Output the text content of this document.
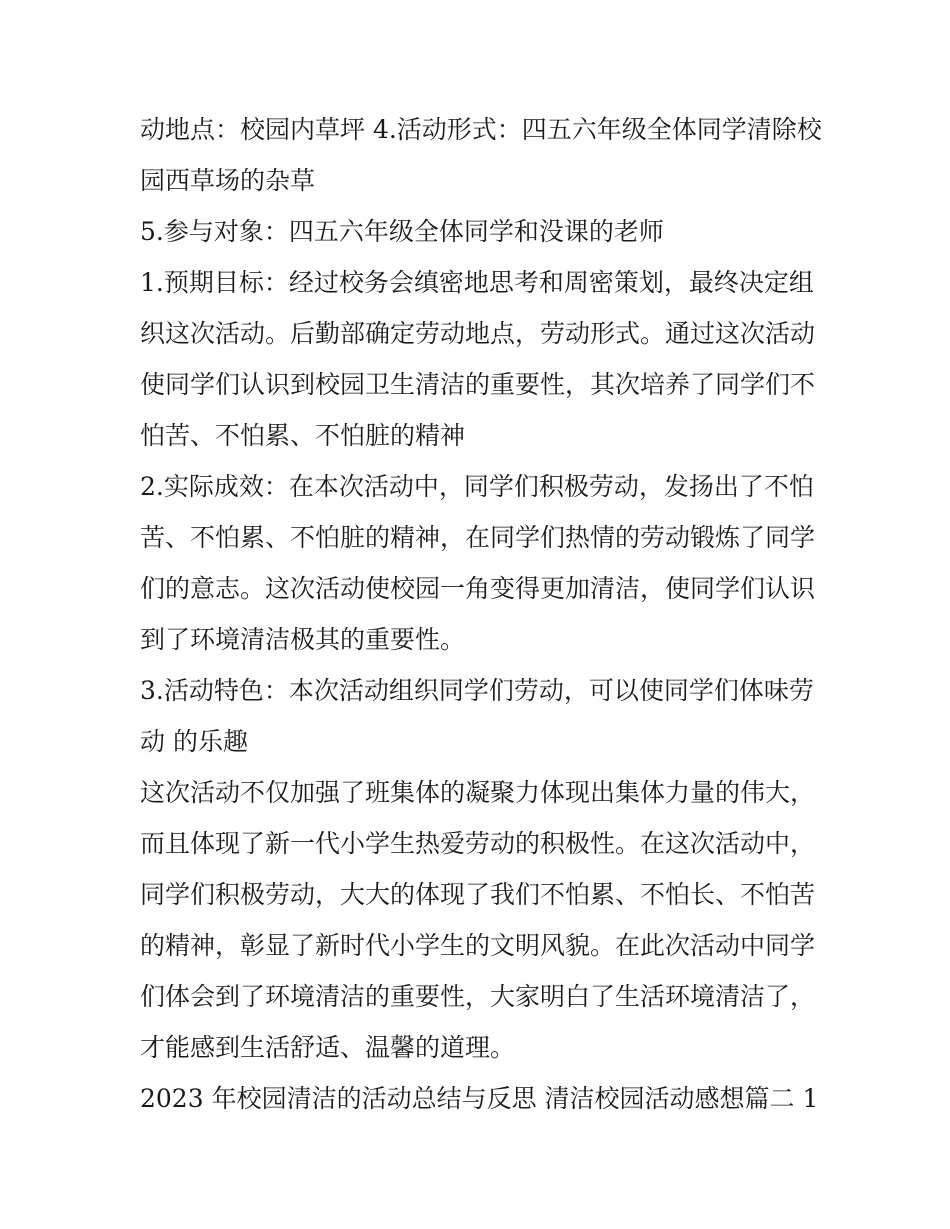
动地点：校园内草坪 4.活动形式：四五六年级全体同学清除校
园西草场的杂草
5.参与对象：四五六年级全体同学和没课的老师
1.预期目标：经过校务会缜密地思考和周密策划，最终决定组
织这次活动。后勤部确定劳动地点，劳动形式。通过这次活动
使同学们认识到校园卫生清洁的重要性，其次培养了同学们不
怕苦、不怕累、不怕脏的精神
2.实际成效：在本次活动中，同学们积极劳动，发扬出了不怕
苦、不怕累、不怕脏的精神，在同学们热情的劳动锻炼了同学
们的意志。这次活动使校园一角变得更加清洁，使同学们认识
到了环境清洁极其的重要性。
3.活动特色：本次活动组织同学们劳动，可以使同学们体味劳
动 的乐趣
这次活动不仅加强了班集体的凝聚力体现出集体力量的伟大，
而且体现了新一代小学生热爱劳动的积极性。在这次活动中，
同学们积极劳动，大大的体现了我们不怕累、不怕长、不怕苦
的精神，彰显了新时代小学生的文明风貌。在此次活动中同学
们体会到了环境清洁的重要性，大家明白了生活环境清洁了，
才能感到生活舒适、温馨的道理。
2023 年校园清洁的活动总结与反思 清洁校园活动感想篇二 1
